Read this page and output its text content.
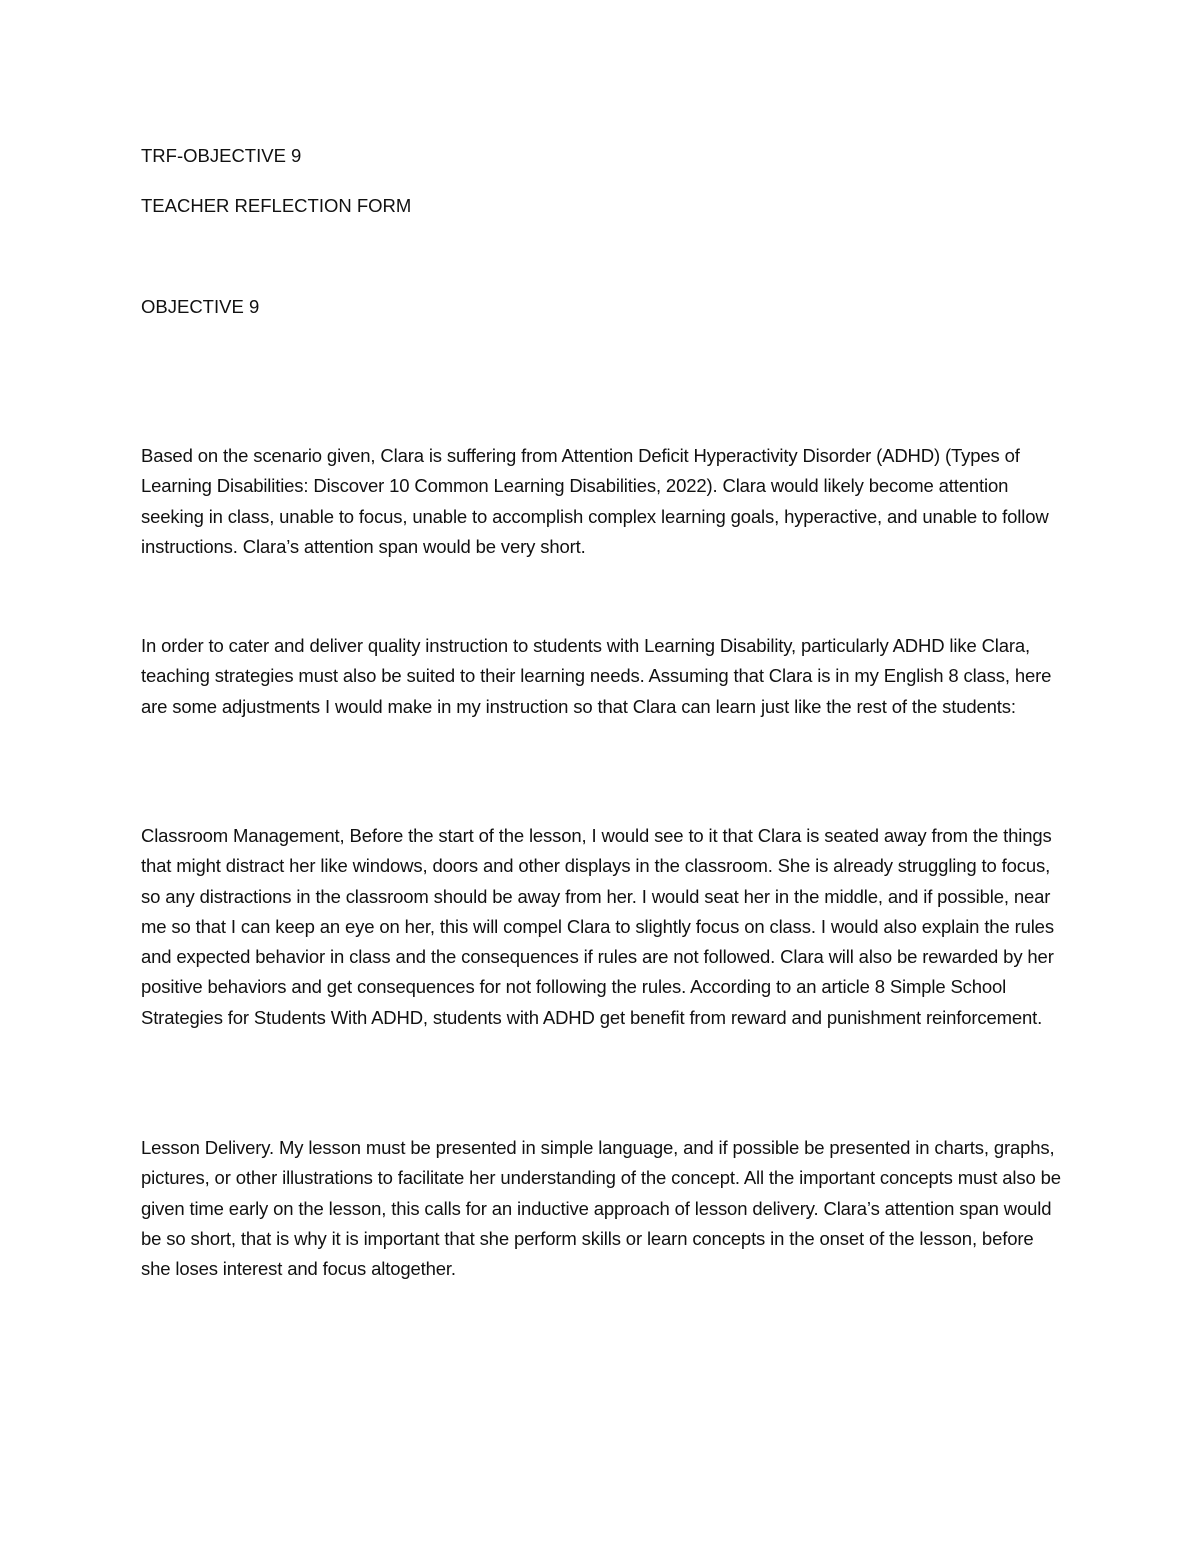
TRF-OBJECTIVE 9

TEACHER REFLECTION FORM

OBJECTIVE 9

Based on the scenario given, Clara is suffering from Attention Deficit Hyperactivity Disorder (ADHD) (Types of Learning Disabilities: Discover 10 Common Learning Disabilities, 2022). Clara would likely become attention seeking in class, unable to focus, unable to accomplish complex learning goals, hyperactive, and unable to follow instructions. Clara’s attention span would be very short.

In order to cater and deliver quality instruction to students with Learning Disability, particularly ADHD like Clara, teaching strategies must also be suited to their learning needs. Assuming that Clara is in my English 8 class, here are some adjustments I would make in my instruction so that Clara can learn just like the rest of the students:

Classroom Management, Before the start of the lesson, I would see to it that Clara is seated away from the things that might distract her like windows, doors and other displays in the classroom. She is already struggling to focus, so any distractions in the classroom should be away from her. I would seat her in the middle, and if possible, near me so that I can keep an eye on her, this will compel Clara to slightly focus on class. I would also explain the rules and expected behavior in class and the consequences if rules are not followed. Clara will also be rewarded by her positive behaviors and get consequences for not following the rules. According to an article 8 Simple School Strategies for Students With ADHD, students with ADHD get benefit from reward and punishment reinforcement.

Lesson Delivery. My lesson must be presented in simple language, and if possible be presented in charts, graphs, pictures, or other illustrations to facilitate her understanding of the concept. All the important concepts must also be given time early on the lesson, this calls for an inductive approach of lesson delivery. Clara’s attention span would be so short, that is why it is important that she perform skills or learn concepts in the onset of the lesson, before she loses interest and focus altogether.
